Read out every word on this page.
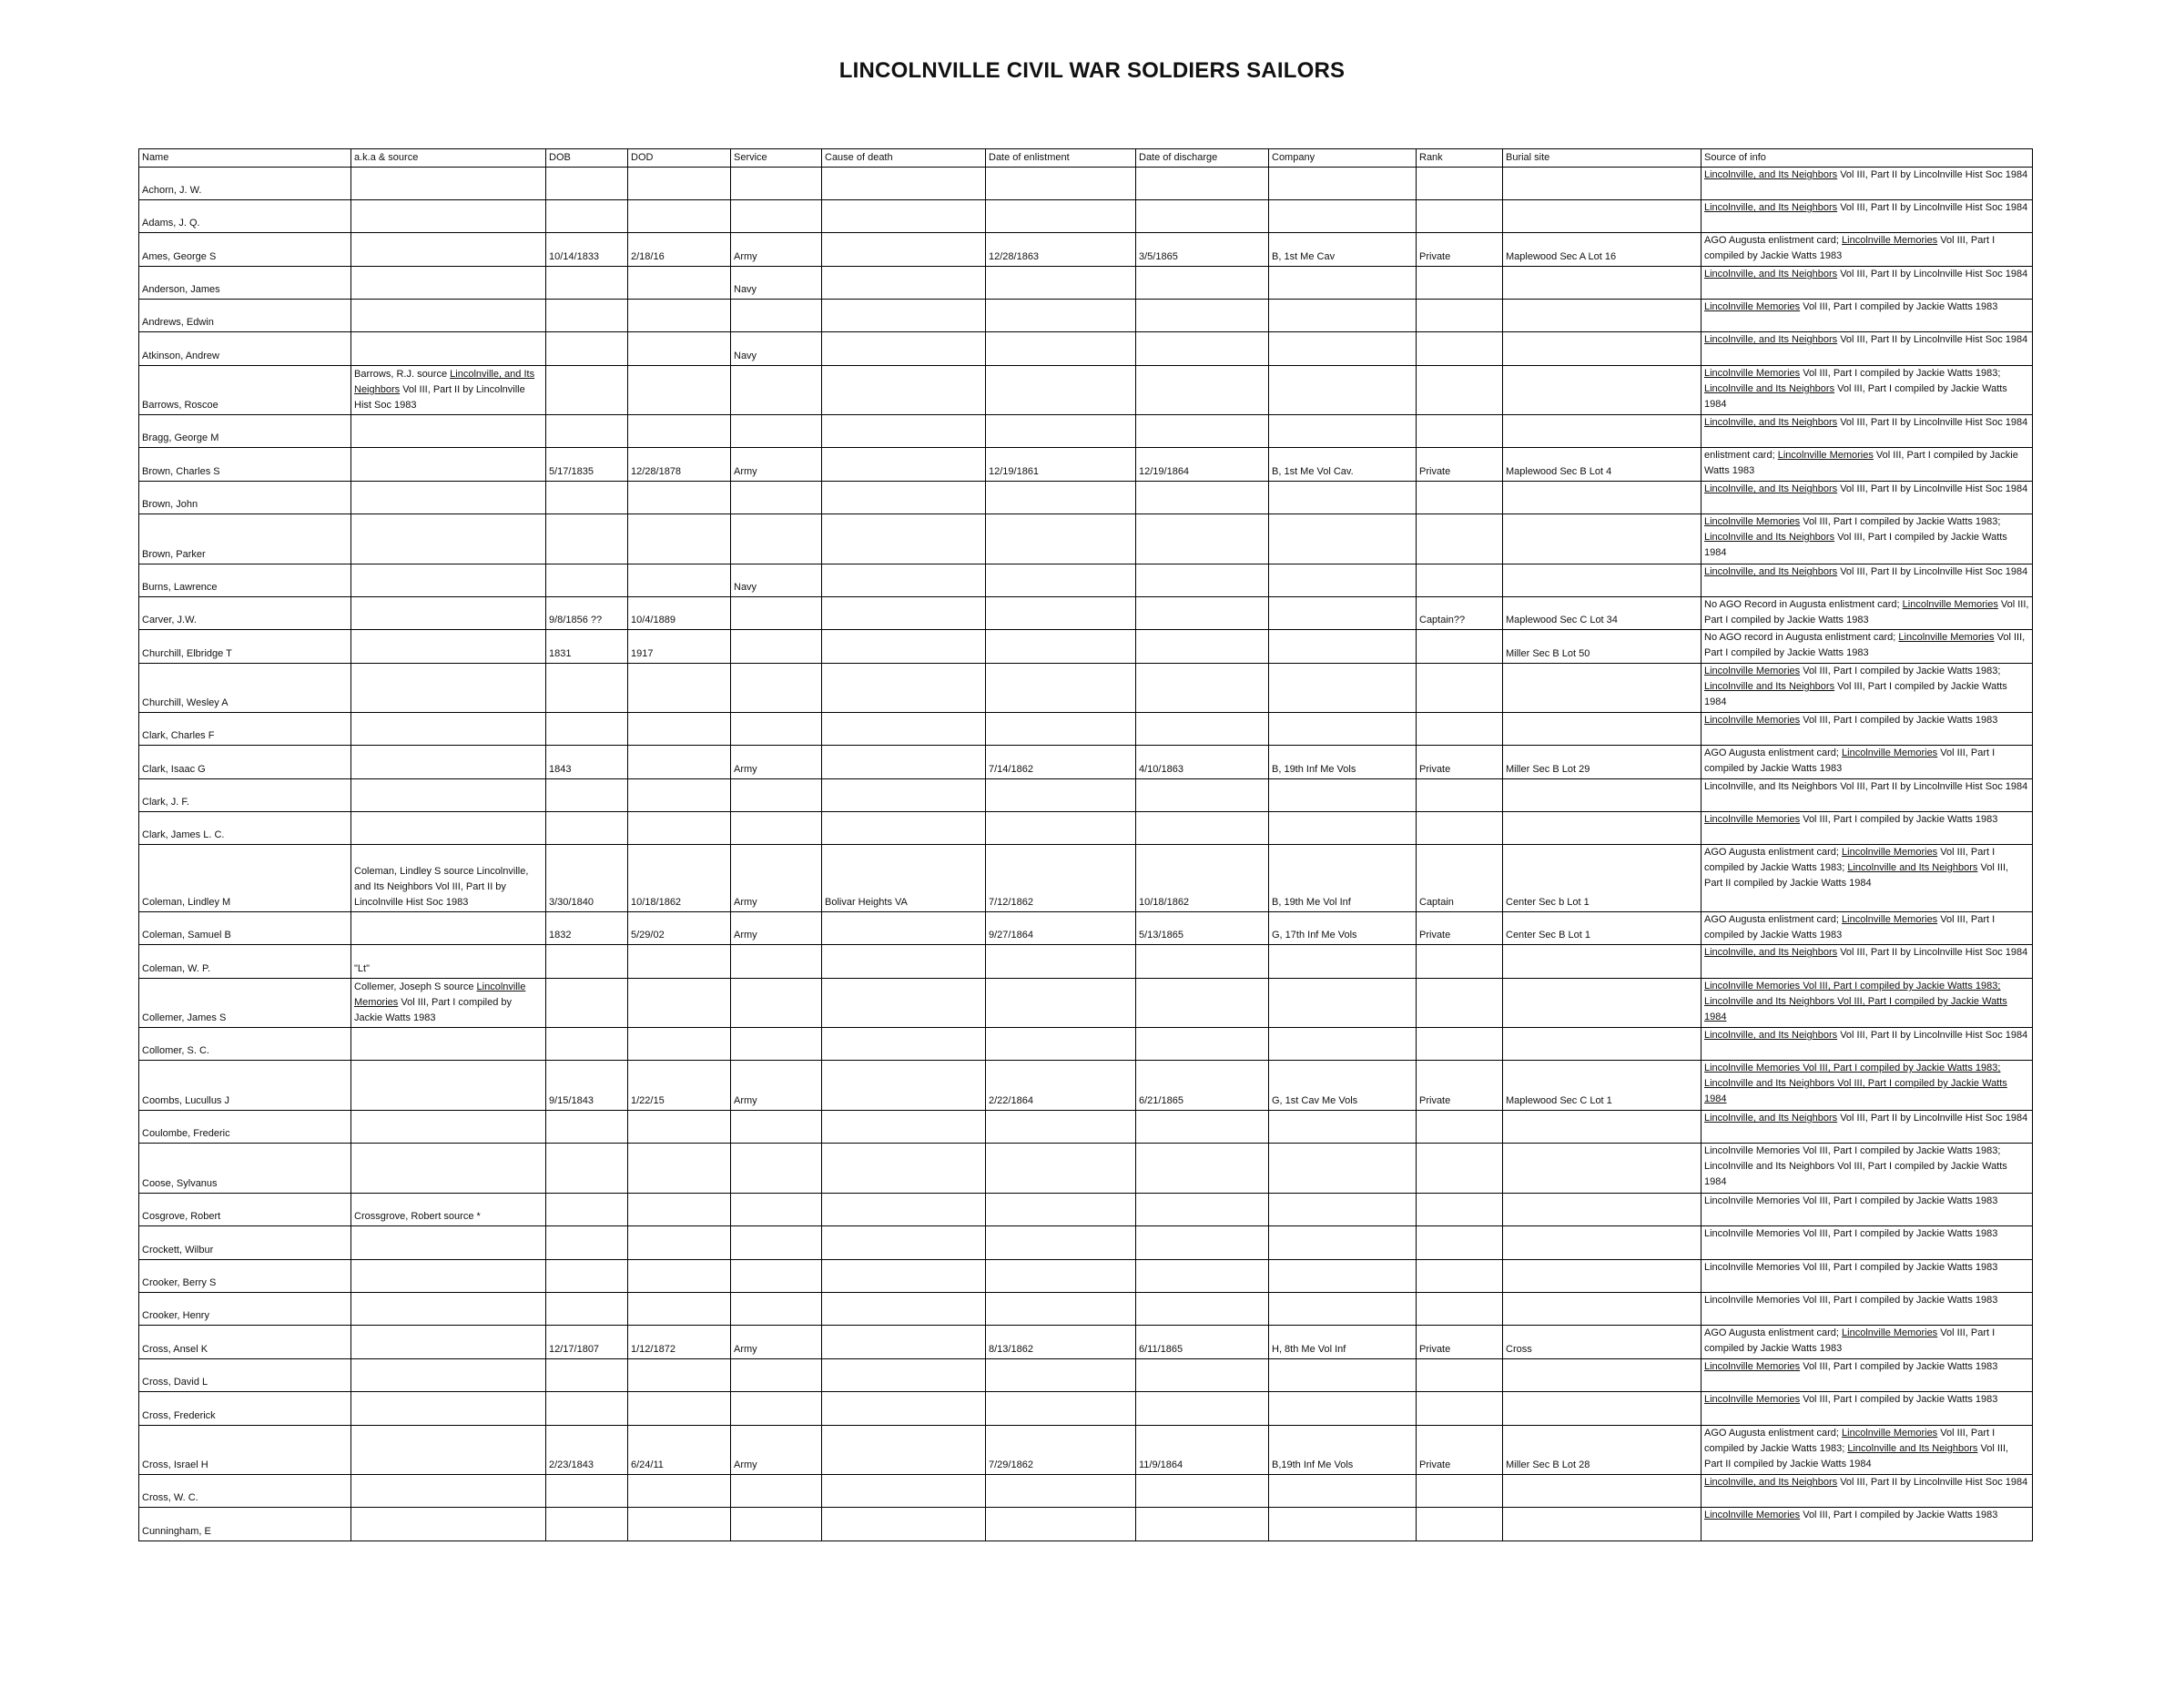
LINCOLNVILLE CIVIL WAR SOLDIERS SAILORS
Name	a.k.a & source	DOB	DOD	Service	Cause of death	Date of enlistment	Date of discharge	Company	Rank	Burial site	Source of info
Achorn, J. W.											Lincolnville, and Its Neighbors Vol III, Part II by Lincolnville Hist Soc 1984
Adams, J. Q.											Lincolnville, and Its Neighbors Vol III, Part II by Lincolnville Hist Soc 1984
Ames, George S		10/14/1833	2/18/16	Army		12/28/1863	3/5/1865	B, 1st Me Cav	Private	Maplewood Sec A Lot 16	AGO Augusta enlistment card; Lincolnville Memories Vol III, Part I compiled by Jackie Watts 1983
Anderson, James				Navy							Lincolnville, and Its Neighbors Vol III, Part II by Lincolnville Hist Soc 1984
Andrews, Edwin											Lincolnville Memories Vol III, Part I compiled by Jackie Watts 1983
Atkinson, Andrew				Navy							Lincolnville, and Its Neighbors Vol III, Part II by Lincolnville Hist Soc 1984
Barrows, Roscoe	Barrows, R.J. source Lincolnville, and Its Neighbors Vol III, Part II by Lincolnville Hist Soc 1983										Lincolnville Memories Vol III, Part I compiled by Jackie Watts 1983; Lincolnville and Its Neighbors Vol III, Part I compiled by Jackie Watts 1984
Bragg, George M											Lincolnville, and Its Neighbors Vol III, Part II by Lincolnville Hist Soc 1984
Brown, Charles S		5/17/1835	12/28/1878	Army		12/19/1861	12/19/1864	B, 1st Me Vol Cav.	Private	Maplewood Sec B Lot 4	enlistment card; Lincolnville Memories Vol III, Part I compiled by Jackie Watts 1983
Brown, John											Lincolnville, and Its Neighbors Vol III, Part II by Lincolnville Hist Soc 1984
Brown, Parker											Lincolnville Memories Vol III, Part I compiled by Jackie Watts 1983; Lincolnville and Its Neighbors Vol III, Part I compiled by Jackie Watts 1984
Burns, Lawrence				Navy							Lincolnville, and Its Neighbors Vol III, Part II by Lincolnville Hist Soc 1984
Carver, J.W.		9/8/1856 ??	10/4/1889						Captain??	Maplewood Sec C Lot 34	No AGO Record in Augusta enlistment card; Lincolnville Memories Vol III, Part I compiled by Jackie Watts 1983
Churchill, Elbridge T		1831	1917							Miller Sec B Lot 50	No AGO record in Augusta enlistment card; Lincolnville Memories Vol III, Part I compiled by Jackie Watts 1983
Churchill, Wesley A											Lincolnville Memories Vol III, Part I compiled by Jackie Watts 1983; Lincolnville and Its Neighbors Vol III, Part I compiled by Jackie Watts 1984
Clark, Charles F											Lincolnville Memories Vol III, Part I compiled by Jackie Watts 1983
Clark, Isaac G		1843		Army		7/14/1862	4/10/1863	B, 19th Inf Me Vols	Private	Miller Sec B Lot 29	AGO Augusta enlistment card; Lincolnville Memories Vol III, Part I compiled by Jackie Watts 1983
Clark, J. F.											Lincolnville, and Its Neighbors Vol III, Part II by Lincolnville Hist Soc 1984
Clark, James L. C.											Lincolnville Memories Vol III, Part I compiled by Jackie Watts 1983
Coleman, Lindley M	Coleman, Lindley S source Lincolnville, and Its Neighbors Vol III, Part II by Lincolnville Hist Soc 1983	3/30/1840	10/18/1862	Army	Bolivar Heights VA	7/12/1862	10/18/1862	B, 19th Me Vol Inf	Captain	Center Sec b Lot 1	AGO Augusta enlistment card; Lincolnville Memories Vol III, Part I compiled by Jackie Watts 1983; Lincolnville and Its Neighbors Vol III, Part II compiled by Jackie Watts 1984
Coleman, Samuel B		1832	5/29/02	Army		9/27/1864	5/13/1865	G, 17th Inf Me Vols	Private	Center Sec B Lot 1	AGO Augusta enlistment card; Lincolnville Memories Vol III, Part I compiled by Jackie Watts 1983
Coleman, W. P.	"Lt"										Lincolnville, and Its Neighbors Vol III, Part II by Lincolnville Hist Soc 1984
Collemer, James S	Collemer, Joseph S source Lincolnville Memories Vol III, Part I compiled by Jackie Watts 1983										Lincolnville Memories Vol III, Part I compiled by Jackie Watts 1983; Lincolnville and Its Neighbors Vol III, Part I compiled by Jackie Watts 1984
Collomer, S. C.											Lincolnville, and Its Neighbors Vol III, Part II by Lincolnville Hist Soc 1984
Coombs, Lucullus J		9/15/1843	1/22/15	Army		2/22/1864	6/21/1865	G, 1st Cav Me Vols	Private	Maplewood Sec C Lot 1	Lincolnville Memories Vol III, Part I compiled by Jackie Watts 1983; Lincolnville and Its Neighbors Vol III, Part I compiled by Jackie Watts 1984
Coulombe, Frederic											Lincolnville, and Its Neighbors Vol III, Part II by Lincolnville Hist Soc 1984
Coose, Sylvanus											Lincolnville Memories Vol III, Part I compiled by Jackie Watts 1983; Lincolnville and Its Neighbors Vol III, Part I compiled by Jackie Watts 1984
Cosgrove, Robert	Crossgrove, Robert source *										Lincolnville Memories Vol III, Part I compiled by Jackie Watts 1983
Crockett, Wilbur											Lincolnville Memories Vol III, Part I compiled by Jackie Watts 1983
Crooker, Berry S											Lincolnville Memories Vol III, Part I compiled by Jackie Watts 1983
Crooker, Henry											Lincolnville Memories Vol III, Part I compiled by Jackie Watts 1983
Cross, Ansel K		12/17/1807	1/12/1872	Army		8/13/1862	6/11/1865	H, 8th Me Vol Inf	Private	Cross	AGO Augusta enlistment card; Lincolnville Memories Vol III, Part I compiled by Jackie Watts 1983
Cross, David L											Lincolnville Memories Vol III, Part I compiled by Jackie Watts 1983
Cross, Frederick											Lincolnville Memories Vol III, Part I compiled by Jackie Watts 1983
Cross, Israel H		2/23/1843	6/24/11	Army		7/29/1862	11/9/1864	B,19th Inf Me Vols	Private	Miller Sec B Lot 28	AGO Augusta enlistment card; Lincolnville Memories Vol III, Part I compiled by Jackie Watts 1983; Lincolnville and Its Neighbors Vol III, Part II compiled by Jackie Watts 1984
Cross, W. C.											Lincolnville, and Its Neighbors Vol III, Part II by Lincolnville Hist Soc 1984
Cunningham, E											Lincolnville Memories Vol III, Part I compiled by Jackie Watts 1983
